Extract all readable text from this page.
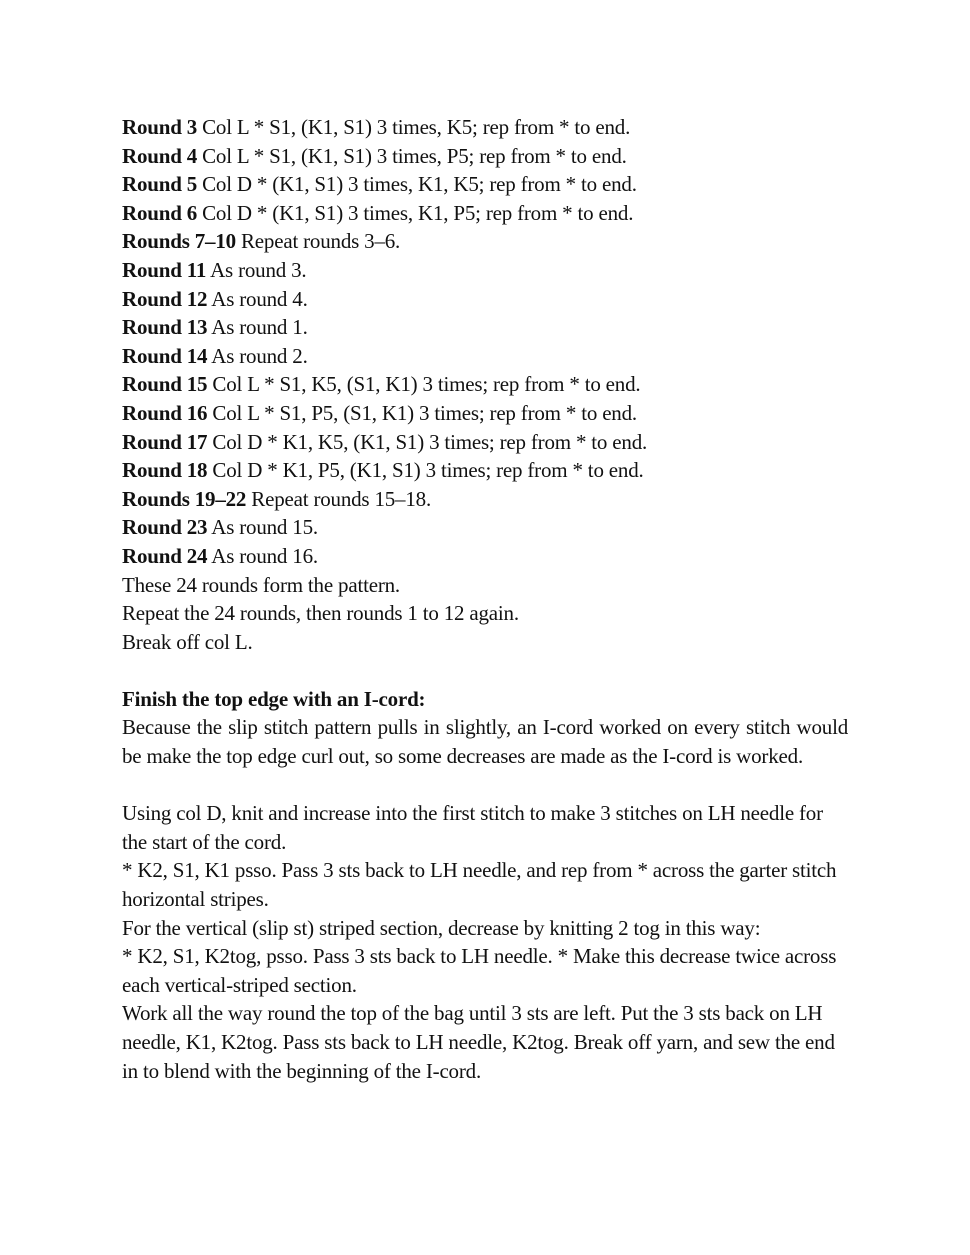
Round 3 Col L * S1, (K1, S1) 3 times, K5; rep from * to end.
Round 4 Col L * S1, (K1, S1) 3 times, P5; rep from * to end.
Round 5 Col D * (K1, S1) 3 times, K1, K5; rep from * to end.
Round 6 Col D * (K1, S1) 3 times, K1, P5; rep from * to end.
Rounds 7–10 Repeat rounds 3–6.
Round 11 As round 3.
Round 12 As round 4.
Round 13 As round 1.
Round 14 As round 2.
Round 15 Col L * S1, K5, (S1, K1) 3 times; rep from * to end.
Round 16 Col L * S1, P5, (S1, K1) 3 times; rep from * to end.
Round 17 Col D * K1, K5, (K1, S1) 3 times; rep from * to end.
Round 18 Col D * K1, P5, (K1, S1) 3 times; rep from * to end.
Rounds 19–22 Repeat rounds 15–18.
Round 23 As round 15.
Round 24 As round 16.
These 24 rounds form the pattern.
Repeat the 24 rounds, then rounds 1 to 12 again.
Break off col L.
Finish the top edge with an I-cord:
Because the slip stitch pattern pulls in slightly, an I-cord worked on every stitch would be make the top edge curl out, so some decreases are made as the I-cord is worked.
Using col D, knit and increase into the first stitch to make 3 stitches on LH needle for the start of the cord.
* K2, S1, K1 psso. Pass 3 sts back to LH needle, and rep from * across the garter stitch horizontal stripes.
For the vertical (slip st) striped section, decrease by knitting 2 tog in this way:
* K2, S1, K2tog, psso. Pass 3 sts back to LH needle. * Make this decrease twice across each vertical-striped section.
Work all the way round the top of the bag until 3 sts are left. Put the 3 sts back on LH needle, K1, K2tog. Pass sts back to LH needle, K2tog. Break off yarn, and sew the end in to blend with the beginning of the I-cord.
